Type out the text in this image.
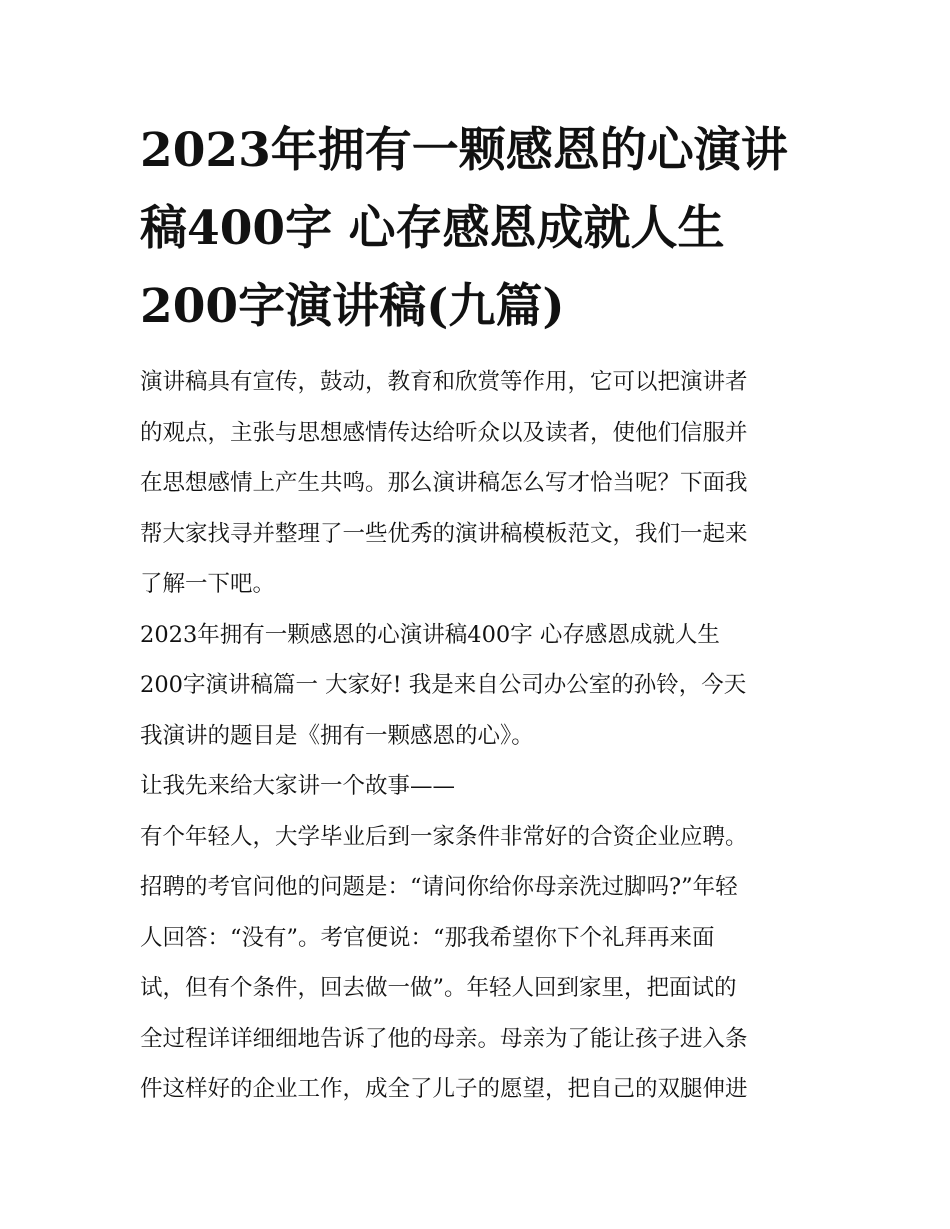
2023年拥有一颗感恩的心演讲
稿400字 心存感恩成就人生
200字演讲稿(九篇)
演讲稿具有宣传，鼓动，教育和欣赏等作用，它可以把演讲者
的观点，主张与思想感情传达给听众以及读者，使他们信服并
在思想感情上产生共鸣。那么演讲稿怎么写才恰当呢？下面我
帮大家找寻并整理了一些优秀的演讲稿模板范文，我们一起来
了解一下吧。
2023年拥有一颗感恩的心演讲稿400字 心存感恩成就人生
200字演讲稿篇一 大家好! 我是来自公司办公室的孙铃，今天
我演讲的题目是《拥有一颗感恩的心》。
让我先来给大家讲一个故事——
有个年轻人，大学毕业后到一家条件非常好的合资企业应聘。
招聘的考官问他的问题是：“请问你给你母亲洗过脚吗?”年轻
人回答：“没有”。考官便说：“那我希望你下个礼拜再来面
试，但有个条件，回去做一做”。年轻人回到家里，把面试的
全过程详详细细地告诉了他的母亲。母亲为了能让孩子进入条
件这样好的企业工作，成全了儿子的愿望，把自己的双腿伸进
